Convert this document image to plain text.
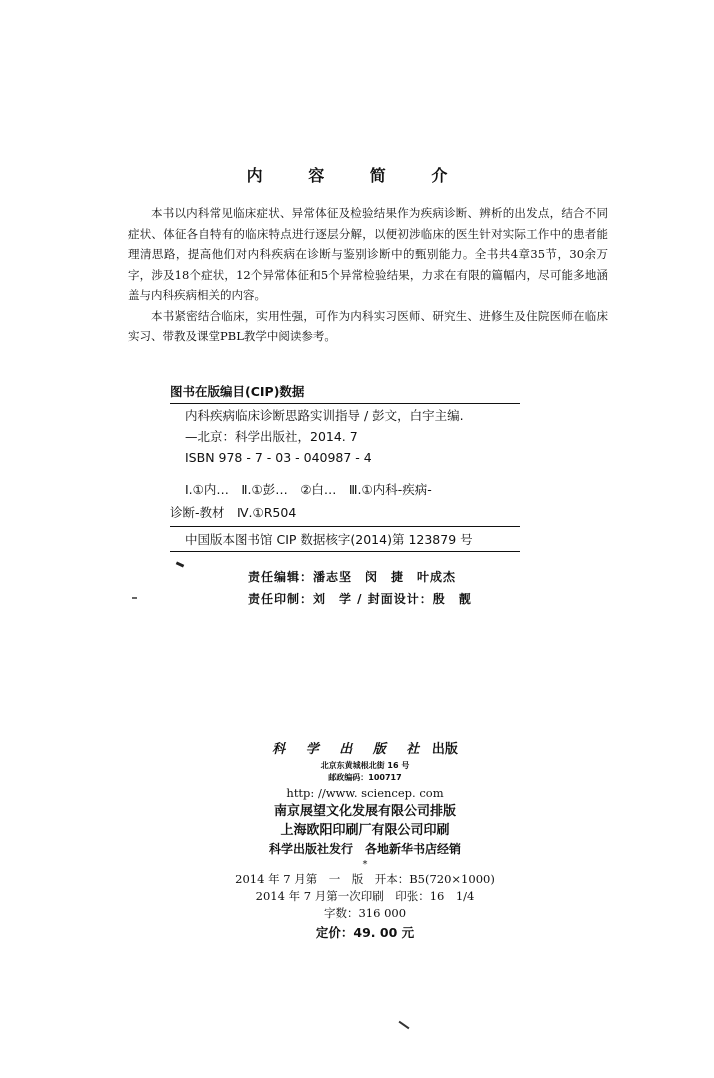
内 容 简 介

本书以内科常见临床症状、异常体征及检验结果作为疾病诊断、辨析的出发点，结合不同症状、体征各自特有的临床特点进行逐层分解，以便初涉临床的医生针对实际工作中的患者能理清思路，提高他们对内科疾病在诊断与鉴别诊断中的甄别能力。全书共4章35节，30余万字，涉及18个症状，12个异常体征和5个异常检验结果，力求在有限的篇幅内，尽可能多地涵盖与内科疾病相关的内容。

本书紧密结合临床，实用性强，可作为内科实习医师、研究生、进修生及住院医师在临床实习、带教及课堂PBL教学中阅读参考。

图书在版编目(CIP)数据
内科疾病临床诊断思路实训指导 / 彭文，白宇主编.
—北京：科学出版社，2014. 7
ISBN 978 - 7 - 03 - 040987 - 4
Ⅰ.①内…　Ⅱ.①彭…　②白…　Ⅲ.①内科-疾病-
诊断-教材　Ⅳ.①R504
中国版本图书馆 CIP 数据核字(2014)第 123879 号
责任编辑：潘志坚　闵　捷　叶成杰
责任印制：刘　学 / 封面设计：殷　靓
科 学 出 版 社 出版
北京东黄城根北街 16 号
邮政编码：100717
http: //www. sciencep. com
南京展望文化发展有限公司排版
上海欧阳印刷厂有限公司印刷
科学出版社发行　各地新华书店经销
*
2014 年 7 月第　一　版　开本：B5(720×1000)
2014 年 7 月第一次印刷　印张：16　1/4
字数：316 000
定价：49. 00 元
